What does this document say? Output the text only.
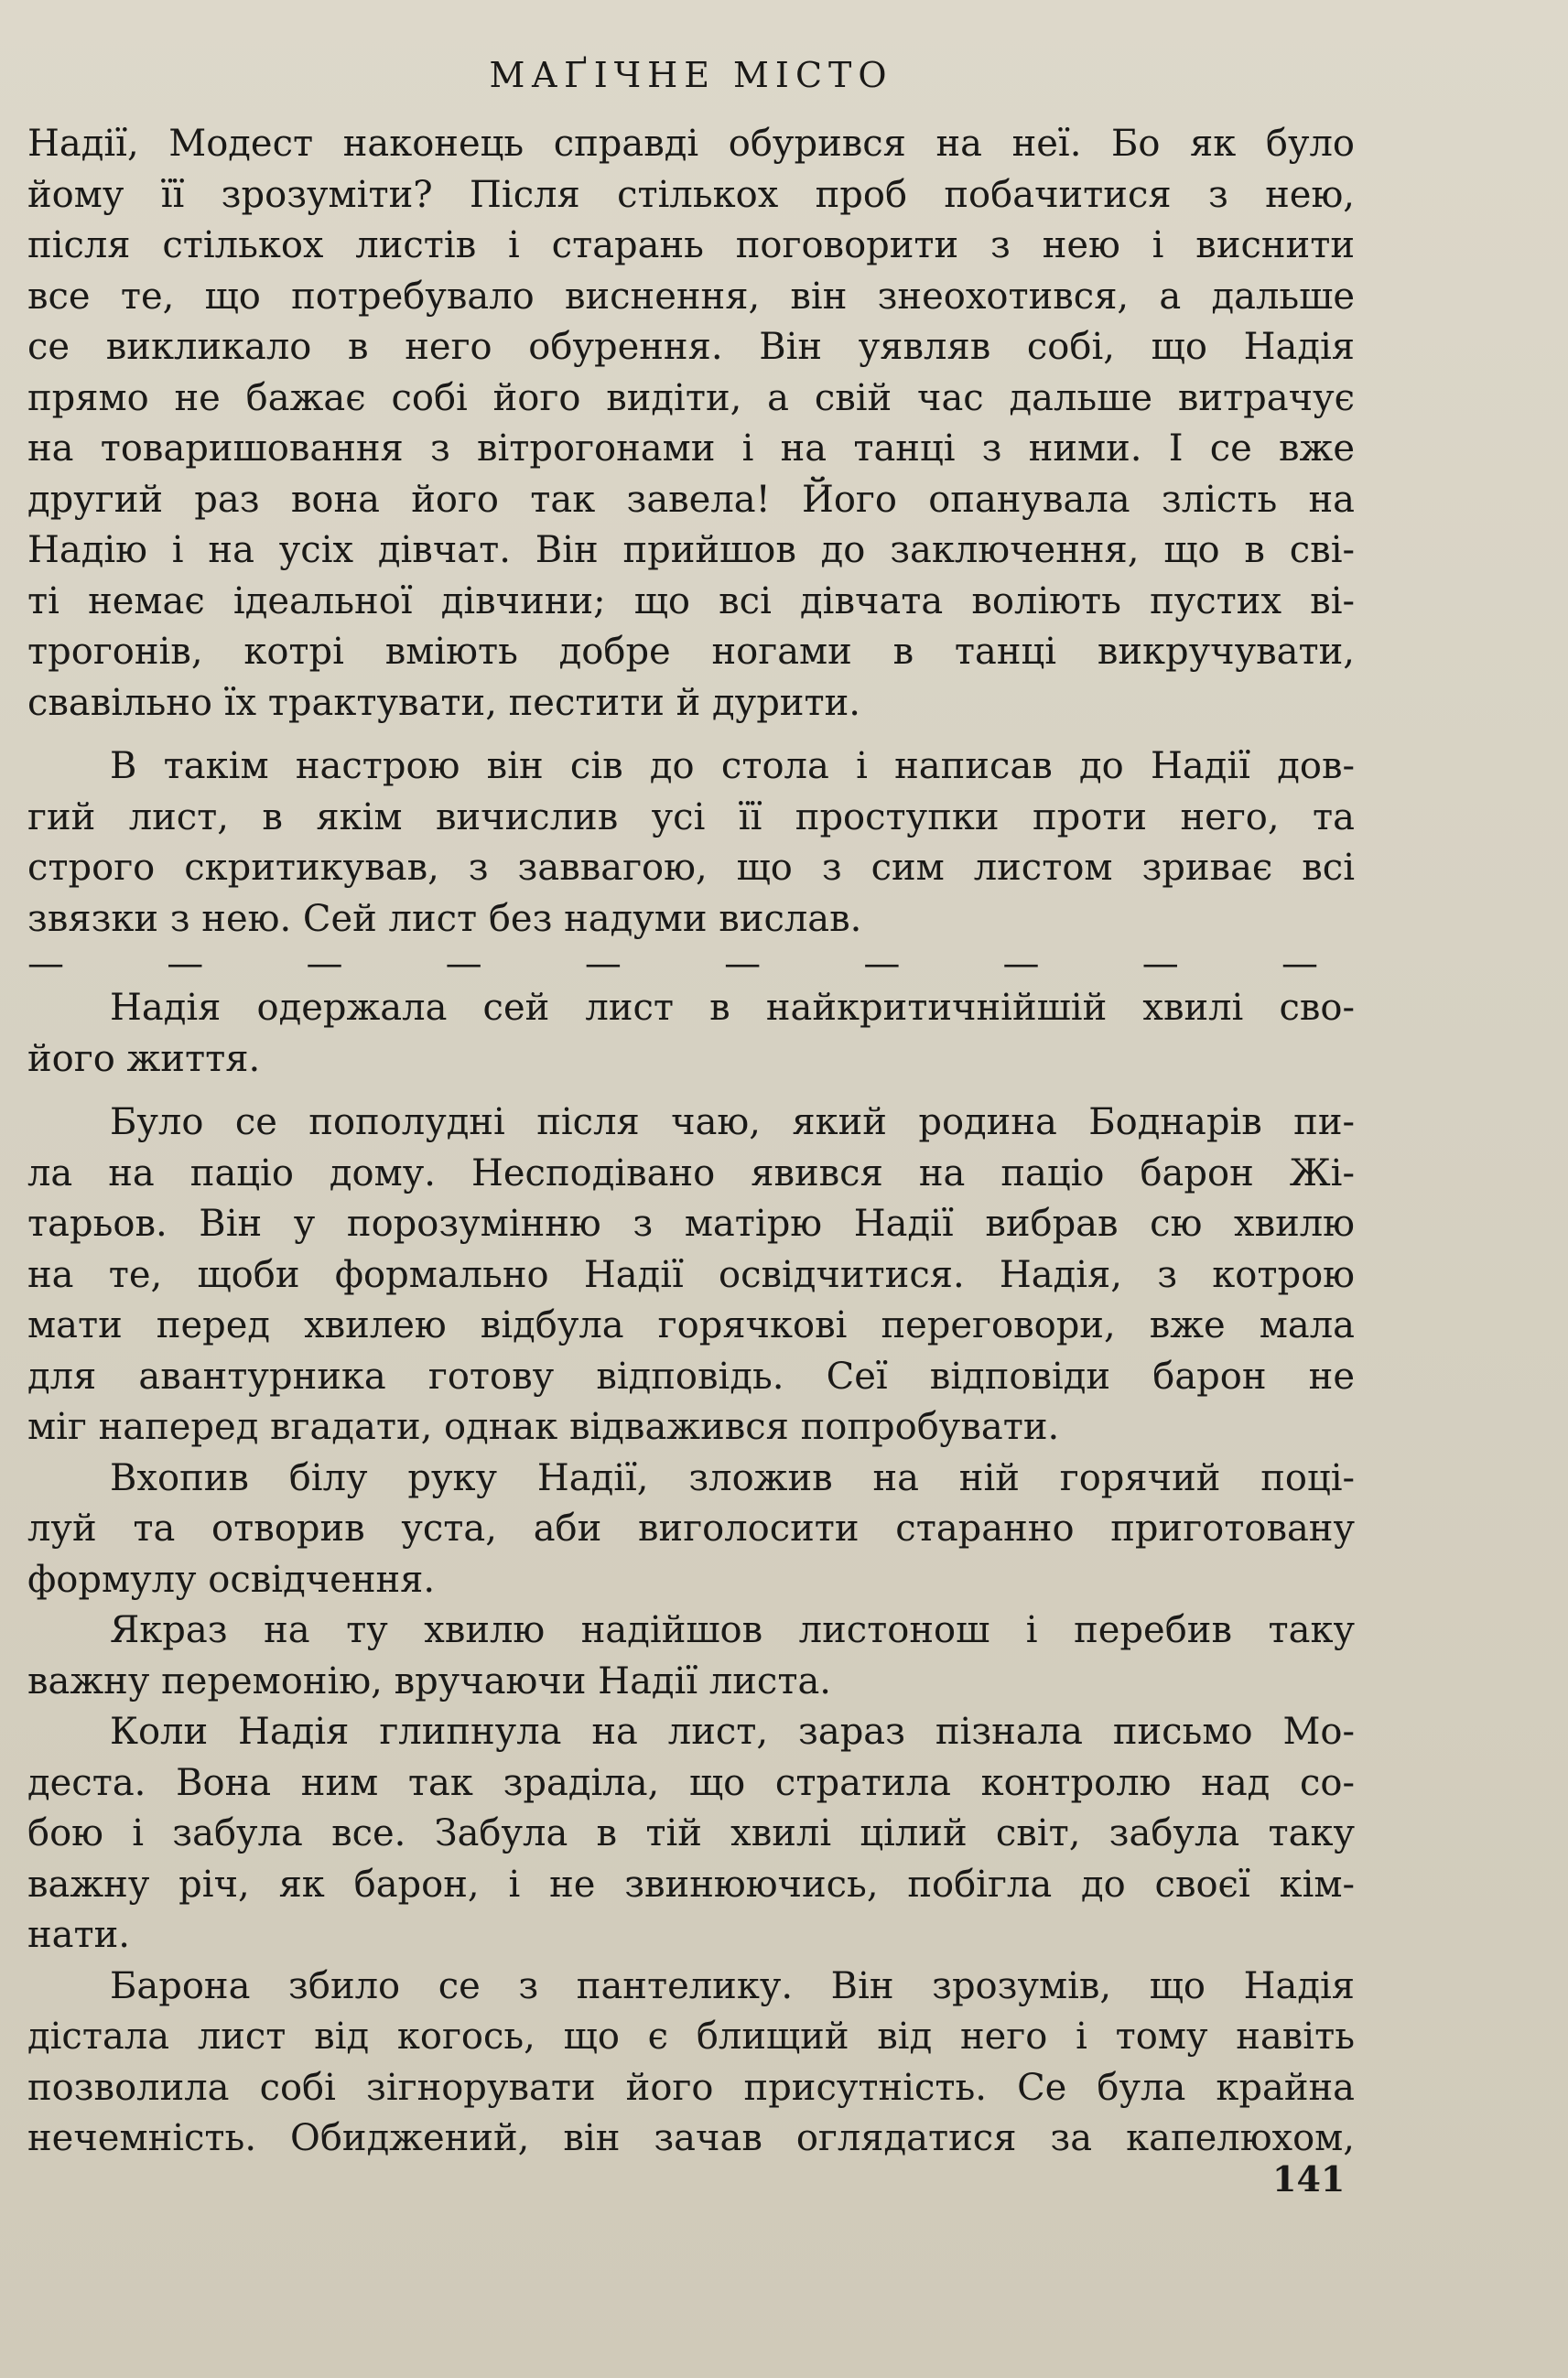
МАҐІЧНЕ МІСТО
Надії, Модест наконець справді обурився на неї. Бо як було
йому її зрозуміти? Після стількох проб побачитися з нею,
після стількох листів і старань поговорити з нею і виснити
все те, що потребувало виснення, він знеохотився, а дальше
се викликало в него обурення. Він уявляв собі, що Надія
прямо не бажає собі його видіти, а свій час дальше витрачує
на товаришовання з вітрогонами і на танці з ними. І се вже
другий раз вона його так завела! Його опанувала злість на
Надію і на усіх дівчат. Він прийшов до заключення, що в сві-
ті немає ідеальної дівчини; що всі дівчата воліють пустих ві-
трогонів, котрі вміють добре ногами в танці викручувати,
свавільно їх трактувати, пестити й дурити.
В такім настрою він сів до стола і написав до Надії дов-
гий лист, в якім вичислив усі її проступки проти него, та
строго скритикував, з заввагою, що з сим листом зриває всі
звязки з нею. Сей лист без надуми вислав.
—	—	—	—	—	—	—	—	—	—
Надія одержала сей лист в найкритичнійшій хвилі сво-
його життя.
Було се пополудні після чаю, який родина Боднарів пи-
ла на паціо дому. Несподівано явився на паціо барон Жі-
тарьов. Він у порозумінню з матірю Надії вибрав сю хвилю
на те, щоби формально Надії освідчитися. Надія, з котрою
мати перед хвилею відбула горячкові переговори, вже мала
для авантурника готову відповідь. Сеї відповіди барон не
міг наперед вгадати, однак відважився попробувати.
Вхопив білу руку Надії, зложив на ній горячий поці-
луй та отворив уста, аби виголосити старанно приготовану
формулу освідчення.
Якраз на ту хвилю надійшов листонош і перебив таку
важну перемонію, вручаючи Надії листа.
Коли Надія глипнула на лист, зараз пізнала письмо Мо-
деста. Вона ним так зраділа, що стратила контролю над со-
бою і забула все. Забула в тій хвилі цілий світ, забула таку
важну річ, як барон, і не звинюючись, побігла до своєї кім-
нати.
Барона збило се з пантелику. Він зрозумів, що Надія
дістала лист від когось, що є блищий від него і тому навіть
позволила собі зігнорувати його присутність. Се була крайна
нечемність. Обиджений, він зачав оглядатися за капелюхом,
141
